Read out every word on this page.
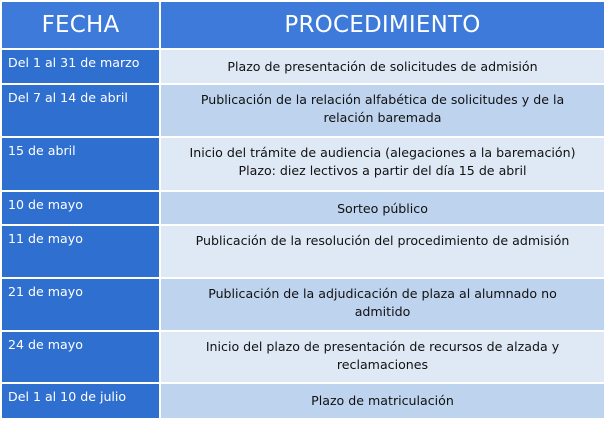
FECHA	PROCEDIMIENTO
Del 1 al 31 de marzo	Plazo de presentación de solicitudes de admisión
Del 7 al 14 de abril	Publicación de la relación alfabética de solicitudes y de la
relación baremada
15 de abril	Inicio del trámite de audiencia (alegaciones a la baremación)
Plazo: diez lectivos a partir del día 15 de abril
10 de mayo	Sorteo público
11 de mayo	Publicación de la resolución del procedimiento de admisión
21 de mayo	Publicación de la adjudicación de plaza al alumnado no
admitido
24 de mayo	Inicio del plazo de presentación de recursos de alzada y
reclamaciones
Del 1 al 10 de julio	Plazo de matriculación
